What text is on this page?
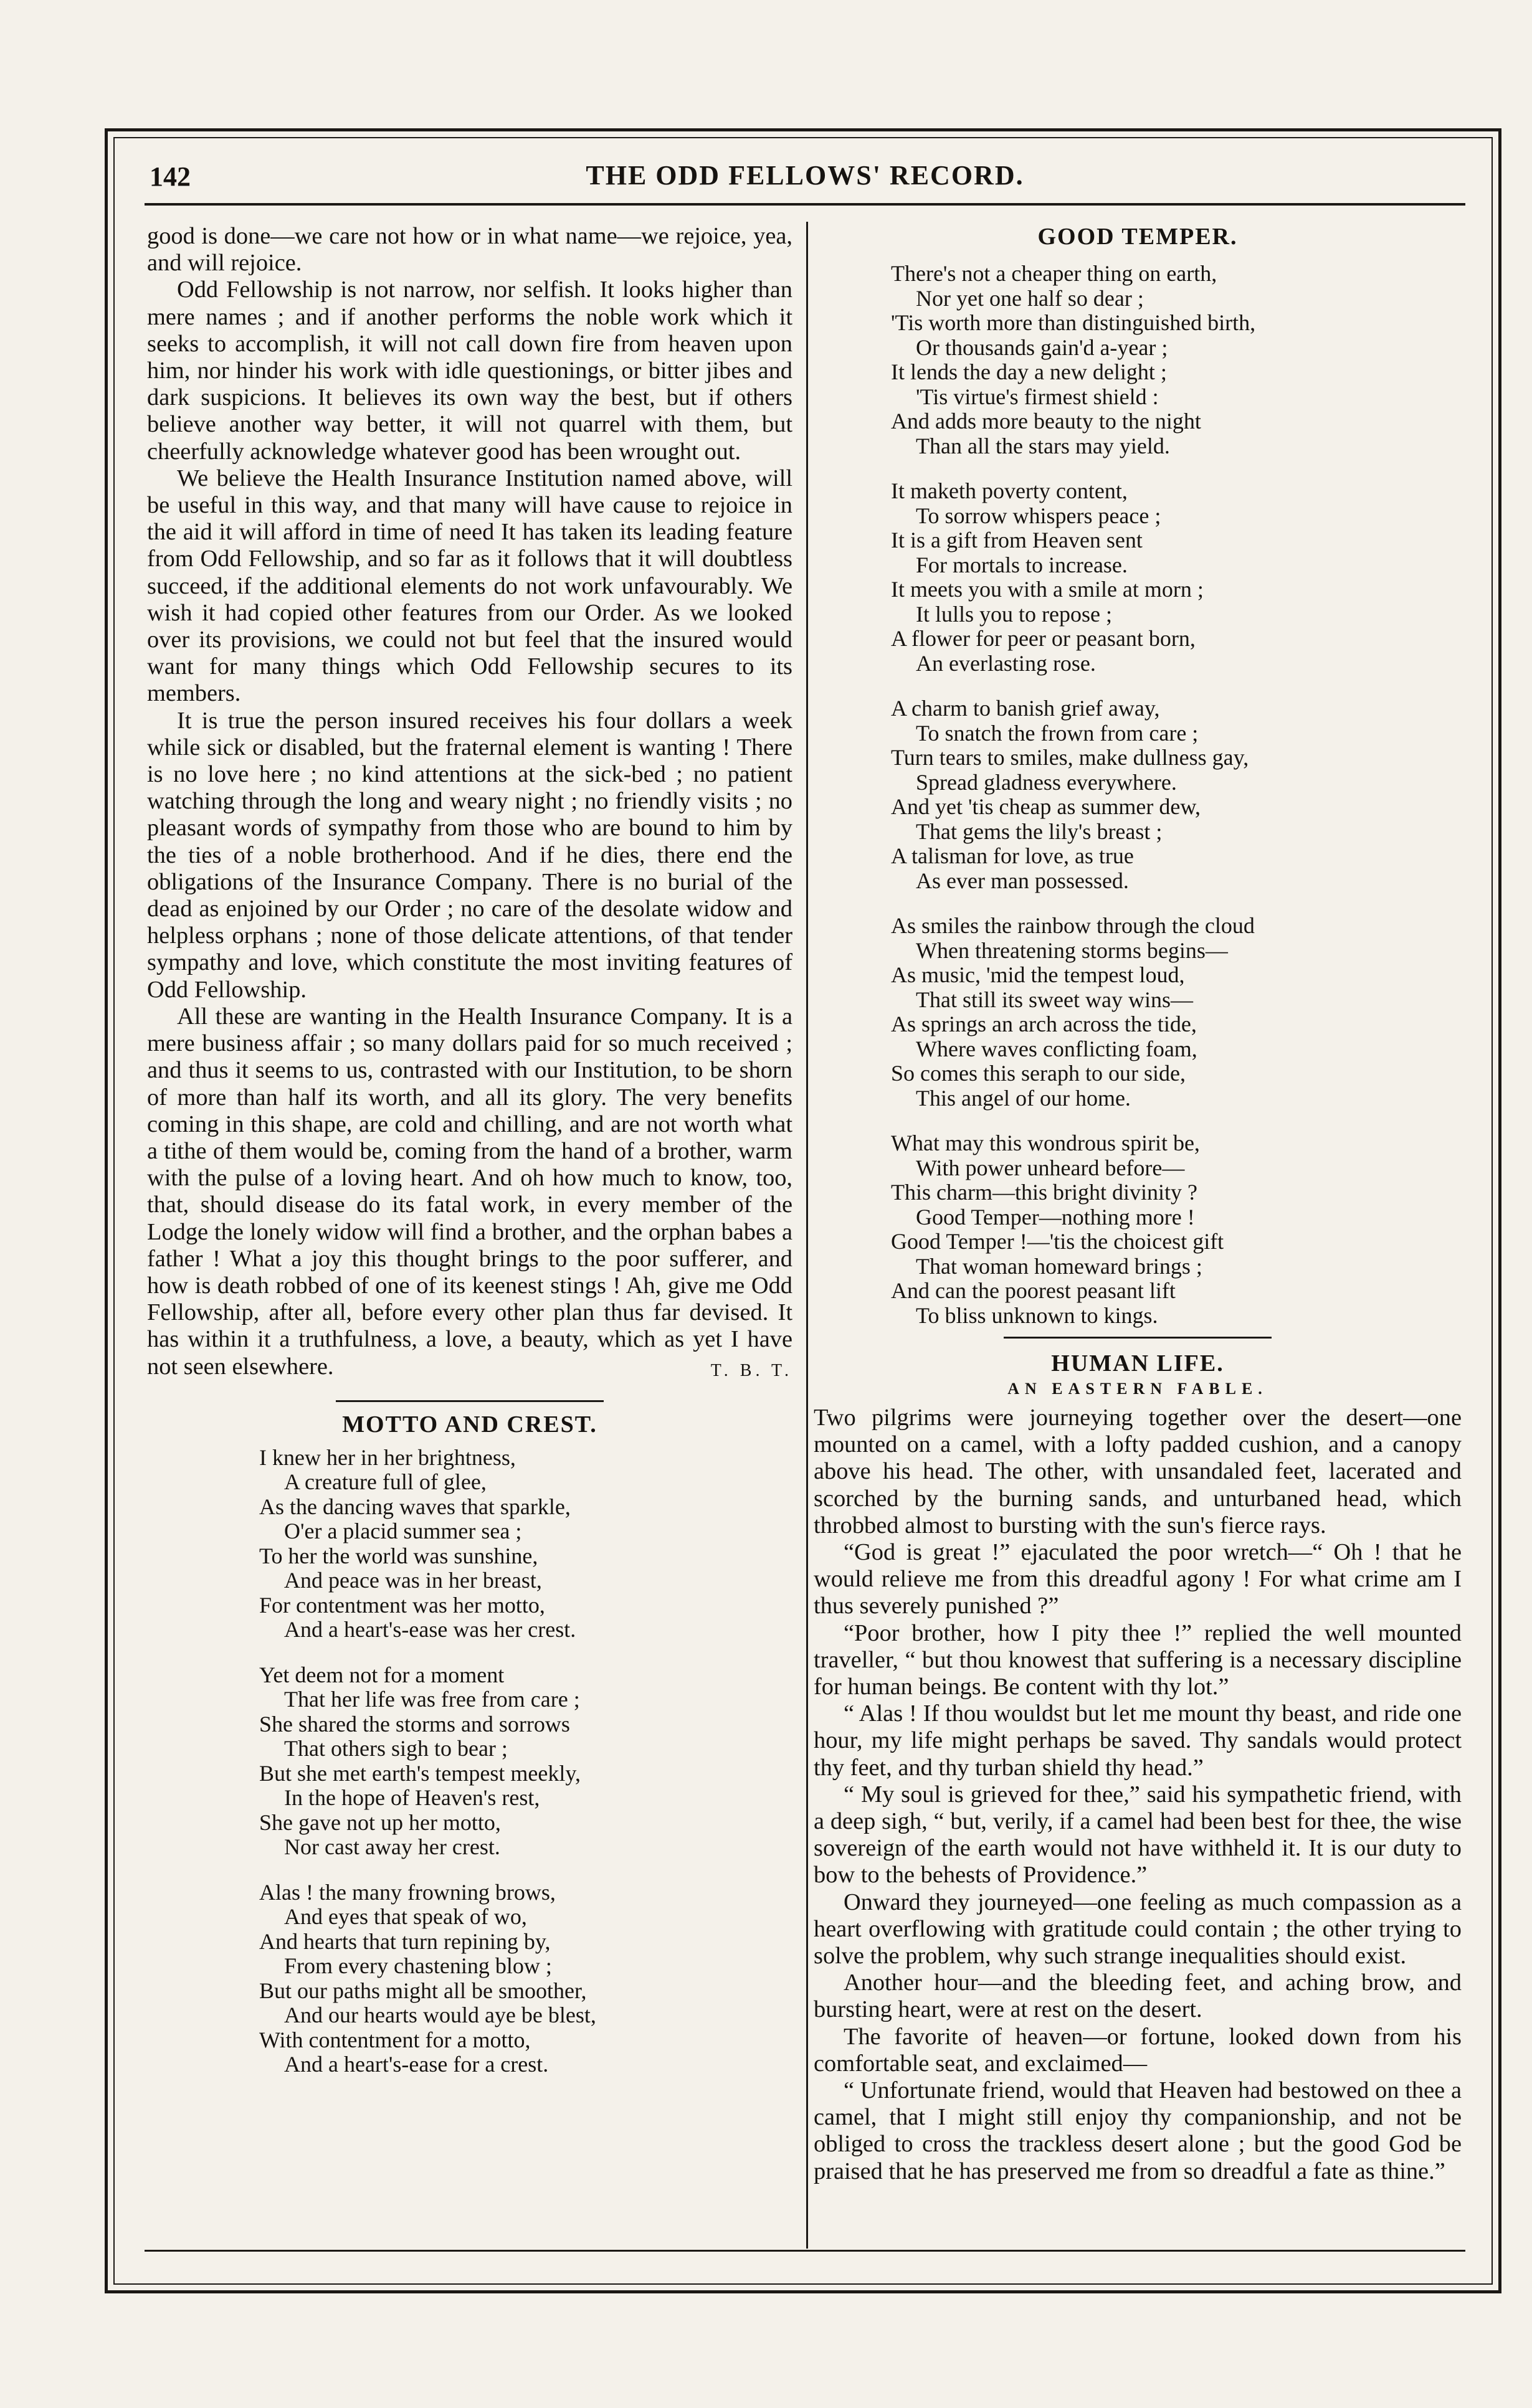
142	THE ODD FELLOWS' RECORD.

good is done—we care not how or in what name—we rejoice, yea, and will rejoice.

Odd Fellowship is not narrow, nor selfish. It looks higher than mere names ; and if another performs the noble work which it seeks to accomplish, it will not call down fire from heaven upon him, nor hinder his work with idle questionings, or bitter jibes and dark suspicions. It believes its own way the best, but if others believe another way better, it will not quarrel with them, but cheerfully acknowledge whatever good has been wrought out.

We believe the Health Insurance Institution named above, will be useful in this way, and that many will have cause to rejoice in the aid it will afford in time of need It has taken its leading feature from Odd Fellowship, and so far as it follows that it will doubtless succeed, if the additional elements do not work unfavourably. We wish it had copied other features from our Order. As we looked over its provisions, we could not but feel that the insured would want for many things which Odd Fellowship secures to its members.

It is true the person insured receives his four dollars a week while sick or disabled, but the fraternal element is wanting ! There is no love here ; no kind attentions at the sick-bed ; no patient watching through the long and weary night ; no friendly visits ; no pleasant words of sympathy from those who are bound to him by the ties of a noble brotherhood. And if he dies, there end the obligations of the Insurance Company. There is no burial of the dead as enjoined by our Order ; no care of the desolate widow and helpless orphans ; none of those delicate attentions, of that tender sympathy and love, which constitute the most inviting features of Odd Fellowship.

All these are wanting in the Health Insurance Company. It is a mere business affair ; so many dollars paid for so much received ; and thus it seems to us, contrasted with our Institution, to be shorn of more than half its worth, and all its glory. The very benefits coming in this shape, are cold and chilling, and are not worth what a tithe of them would be, coming from the hand of a brother, warm with the pulse of a loving heart. And oh how much to know, too, that, should disease do its fatal work, in every member of the Lodge the lonely widow will find a brother, and the orphan babes a father ! What a joy this thought brings to the poor sufferer, and how is death robbed of one of its keenest stings ! Ah, give me Odd Fellowship, after all, before every other plan thus far devised. It has within it a truthfulness, a love, a beauty, which as yet I have not seen elsewhere.	T. B. T.

MOTTO AND CREST.
I knew her in her brightness,
A creature full of glee,
As the dancing waves that sparkle,
O'er a placid summer sea ;
To her the world was sunshine,
And peace was in her breast,
For contentment was her motto,
And a heart's-ease was her crest.
Yet deem not for a moment
That her life was free from care ;
She shared the storms and sorrows
That others sigh to bear ;
But she met earth's tempest meekly,
In the hope of Heaven's rest,
She gave not up her motto,
Nor cast away her crest.
Alas ! the many frowning brows,
And eyes that speak of wo,
And hearts that turn repining by,
From every chastening blow ;
But our paths might all be smoother,
And our hearts would aye be blest,
With contentment for a motto,
And a heart's-ease for a crest.
GOOD TEMPER.
There's not a cheaper thing on earth,
Nor yet one half so dear ;
'Tis worth more than distinguished birth,
Or thousands gain'd a-year ;
It lends the day a new delight ;
'Tis virtue's firmest shield :
And adds more beauty to the night
Than all the stars may yield.
It maketh poverty content,
To sorrow whispers peace ;
It is a gift from Heaven sent
For mortals to increase.
It meets you with a smile at morn ;
It lulls you to repose ;
A flower for peer or peasant born,
An everlasting rose.
A charm to banish grief away,
To snatch the frown from care ;
Turn tears to smiles, make dullness gay,
Spread gladness everywhere.
And yet 'tis cheap as summer dew,
That gems the lily's breast ;
A talisman for love, as true
As ever man possessed.
As smiles the rainbow through the cloud
When threatening storms begins—
As music, 'mid the tempest loud,
That still its sweet way wins—
As springs an arch across the tide,
Where waves conflicting foam,
So comes this seraph to our side,
This angel of our home.
What may this wondrous spirit be,
With power unheard before—
This charm—this bright divinity ?
Good Temper—nothing more !
Good Temper !—'tis the choicest gift
That woman homeward brings ;
And can the poorest peasant lift
To bliss unknown to kings.
HUMAN LIFE.
AN EASTERN FABLE.

Two pilgrims were journeying together over the desert—one mounted on a camel, with a lofty padded cushion, and a canopy above his head. The other, with unsandaled feet, lacerated and scorched by the burning sands, and unturbaned head, which throbbed almost to bursting with the sun's fierce rays.

“God is great !” ejaculated the poor wretch—“ Oh ! that he would relieve me from this dreadful agony ! For what crime am I thus severely punished ?”

“Poor brother, how I pity thee !” replied the well mounted traveller, “ but thou knowest that suffering is a necessary discipline for human beings. Be content with thy lot.”

“ Alas ! If thou wouldst but let me mount thy beast, and ride one hour, my life might perhaps be saved. Thy sandals would protect thy feet, and thy turban shield thy head.”

“ My soul is grieved for thee,” said his sympathetic friend, with a deep sigh, “ but, verily, if a camel had been best for thee, the wise sovereign of the earth would not have withheld it. It is our duty to bow to the behests of Providence.”

Onward they journeyed—one feeling as much compassion as a heart overflowing with gratitude could contain ; the other trying to solve the problem, why such strange inequalities should exist.

Another hour—and the bleeding feet, and aching brow, and bursting heart, were at rest on the desert.

The favorite of heaven—or fortune, looked down from his comfortable seat, and exclaimed—

“ Unfortunate friend, would that Heaven had bestowed on thee a camel, that I might still enjoy thy companionship, and not be obliged to cross the trackless desert alone ; but the good God be praised that he has preserved me from so dreadful a fate as thine.”
